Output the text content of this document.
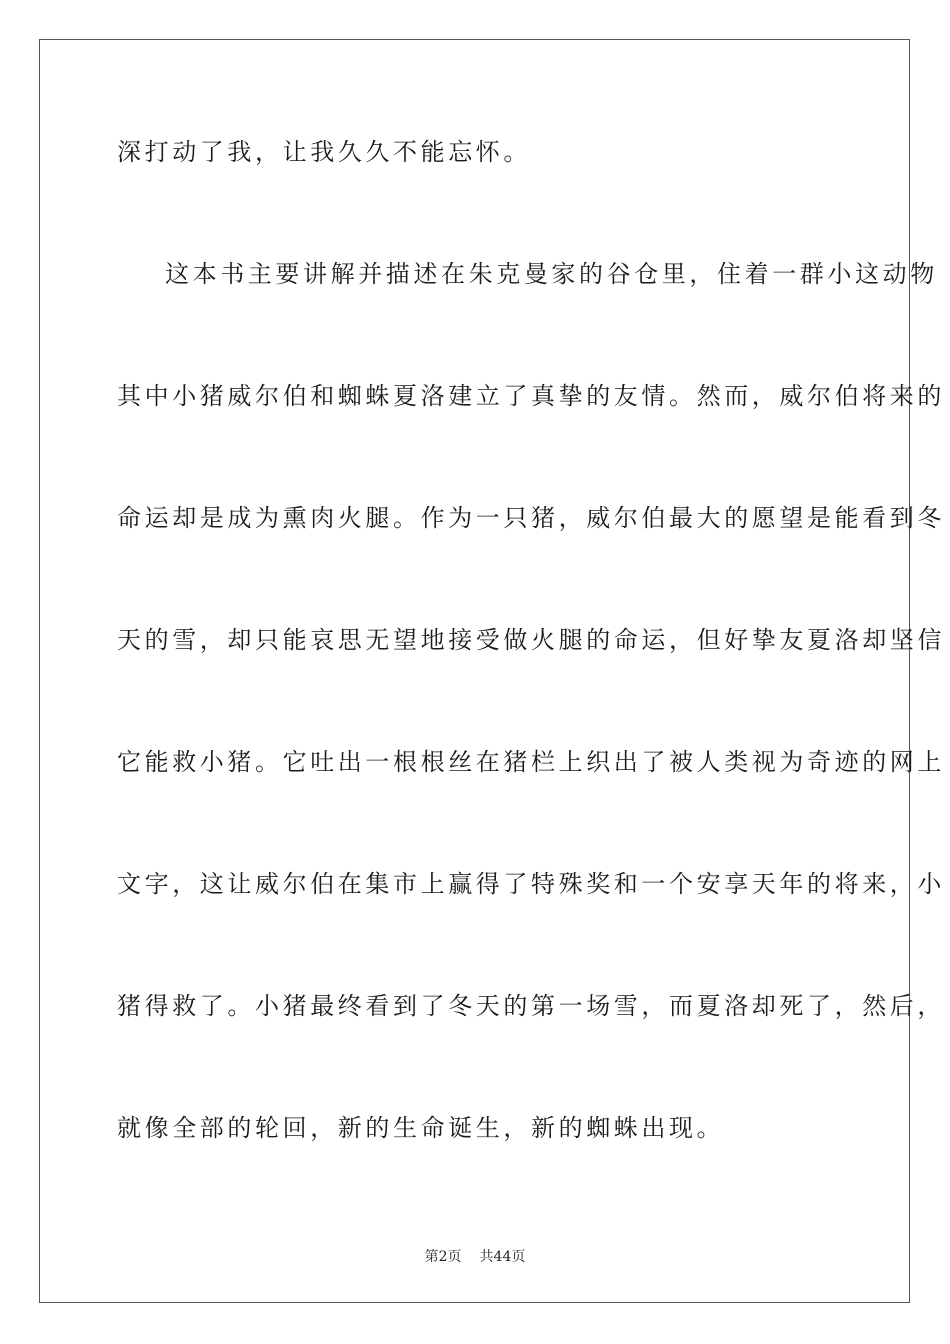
深打动了我，让我久久不能忘怀。
这本书主要讲解并描述在朱克曼家的谷仓里，住着一群小这动物
其中小猪威尔伯和蜘蛛夏洛建立了真挚的友情。然而，威尔伯将来的
命运却是成为熏肉火腿。作为一只猪，威尔伯最大的愿望是能看到冬
天的雪，却只能哀思无望地接受做火腿的命运，但好挚友夏洛却坚信
它能救小猪。它吐出一根根丝在猪栏上织出了被人类视为奇迹的网上
文字，这让威尔伯在集市上赢得了特殊奖和一个安享天年的将来，小
猪得救了。小猪最终看到了冬天的第一场雪，而夏洛却死了，然后，
就像全部的轮回，新的生命诞生，新的蜘蛛出现。
第2页 共44页
